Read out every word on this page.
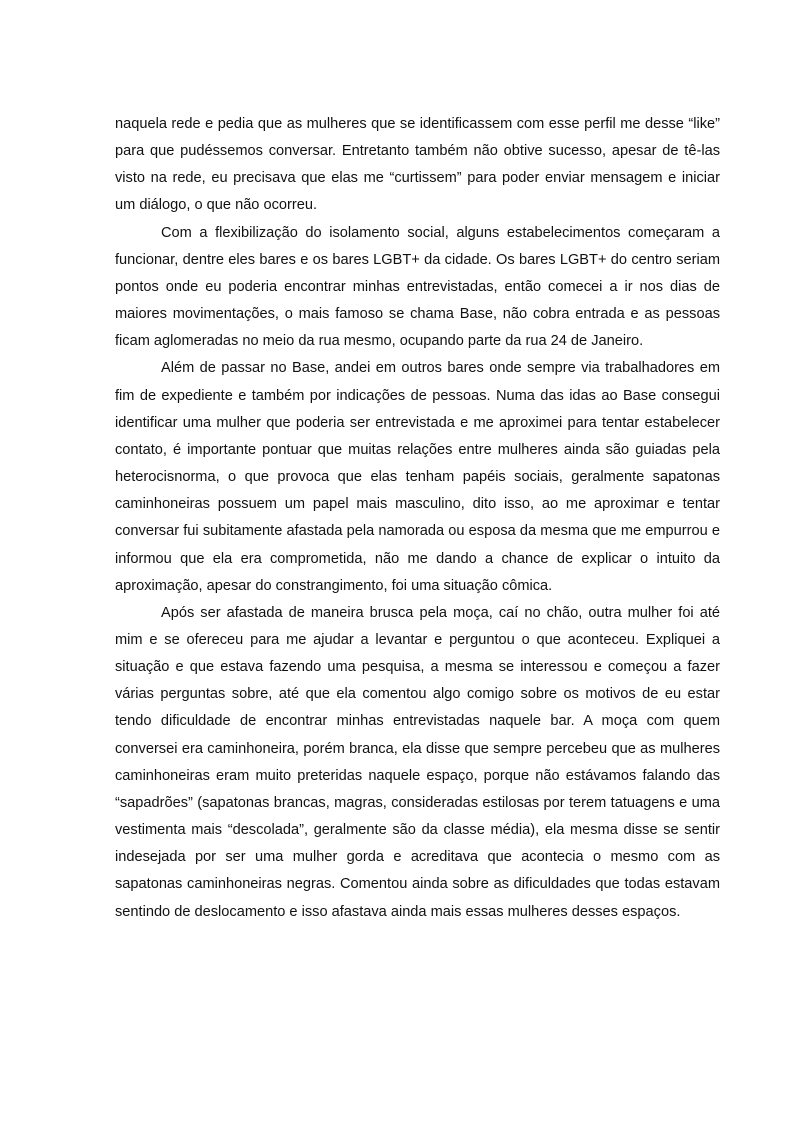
naquela rede e pedia que as mulheres que se identificassem com esse perfil me desse “like” para que pudéssemos conversar. Entretanto também não obtive sucesso, apesar de tê-las visto na rede, eu precisava que elas me “curtissem” para poder enviar mensagem e iniciar um diálogo, o que não ocorreu.

Com a flexibilização do isolamento social, alguns estabelecimentos começaram a funcionar, dentre eles bares e os bares LGBT+ da cidade. Os bares LGBT+ do centro seriam pontos onde eu poderia encontrar minhas entrevistadas, então comecei a ir nos dias de maiores movimentações, o mais famoso se chama Base, não cobra entrada e as pessoas ficam aglomeradas no meio da rua mesmo, ocupando parte da rua 24 de Janeiro.

Além de passar no Base, andei em outros bares onde sempre via trabalhadores em fim de expediente e também por indicações de pessoas. Numa das idas ao Base consegui identificar uma mulher que poderia ser entrevistada e me aproximei para tentar estabelecer contato, é importante pontuar que muitas relações entre mulheres ainda são guiadas pela heterocisnorma, o que provoca que elas tenham papéis sociais, geralmente sapatonas caminhoneiras possuem um papel mais masculino, dito isso, ao me aproximar e tentar conversar fui subitamente afastada pela namorada ou esposa da mesma que me empurrou e informou que ela era comprometida, não me dando a chance de explicar o intuito da aproximação, apesar do constrangimento, foi uma situação cômica.

Após ser afastada de maneira brusca pela moça, caí no chão, outra mulher foi até mim e se ofereceu para me ajudar a levantar e perguntou o que aconteceu. Expliquei a situação e que estava fazendo uma pesquisa, a mesma se interessou e começou a fazer várias perguntas sobre, até que ela comentou algo comigo sobre os motivos de eu estar tendo dificuldade de encontrar minhas entrevistadas naquele bar. A moça com quem conversei era caminhoneira, porém branca, ela disse que sempre percebeu que as mulheres caminhoneiras eram muito preteridas naquele espaço, porque não estávamos falando das “sapadrões” (sapatonas brancas, magras, consideradas estilosas por terem tatuagens e uma vestimenta mais “descolada”, geralmente são da classe média), ela mesma disse se sentir indesejada por ser uma mulher gorda e acreditava que acontecia o mesmo com as sapatonas caminhoneiras negras. Comentou ainda sobre as dificuldades que todas estavam sentindo de deslocamento e isso afastava ainda mais essas mulheres desses espaços.
